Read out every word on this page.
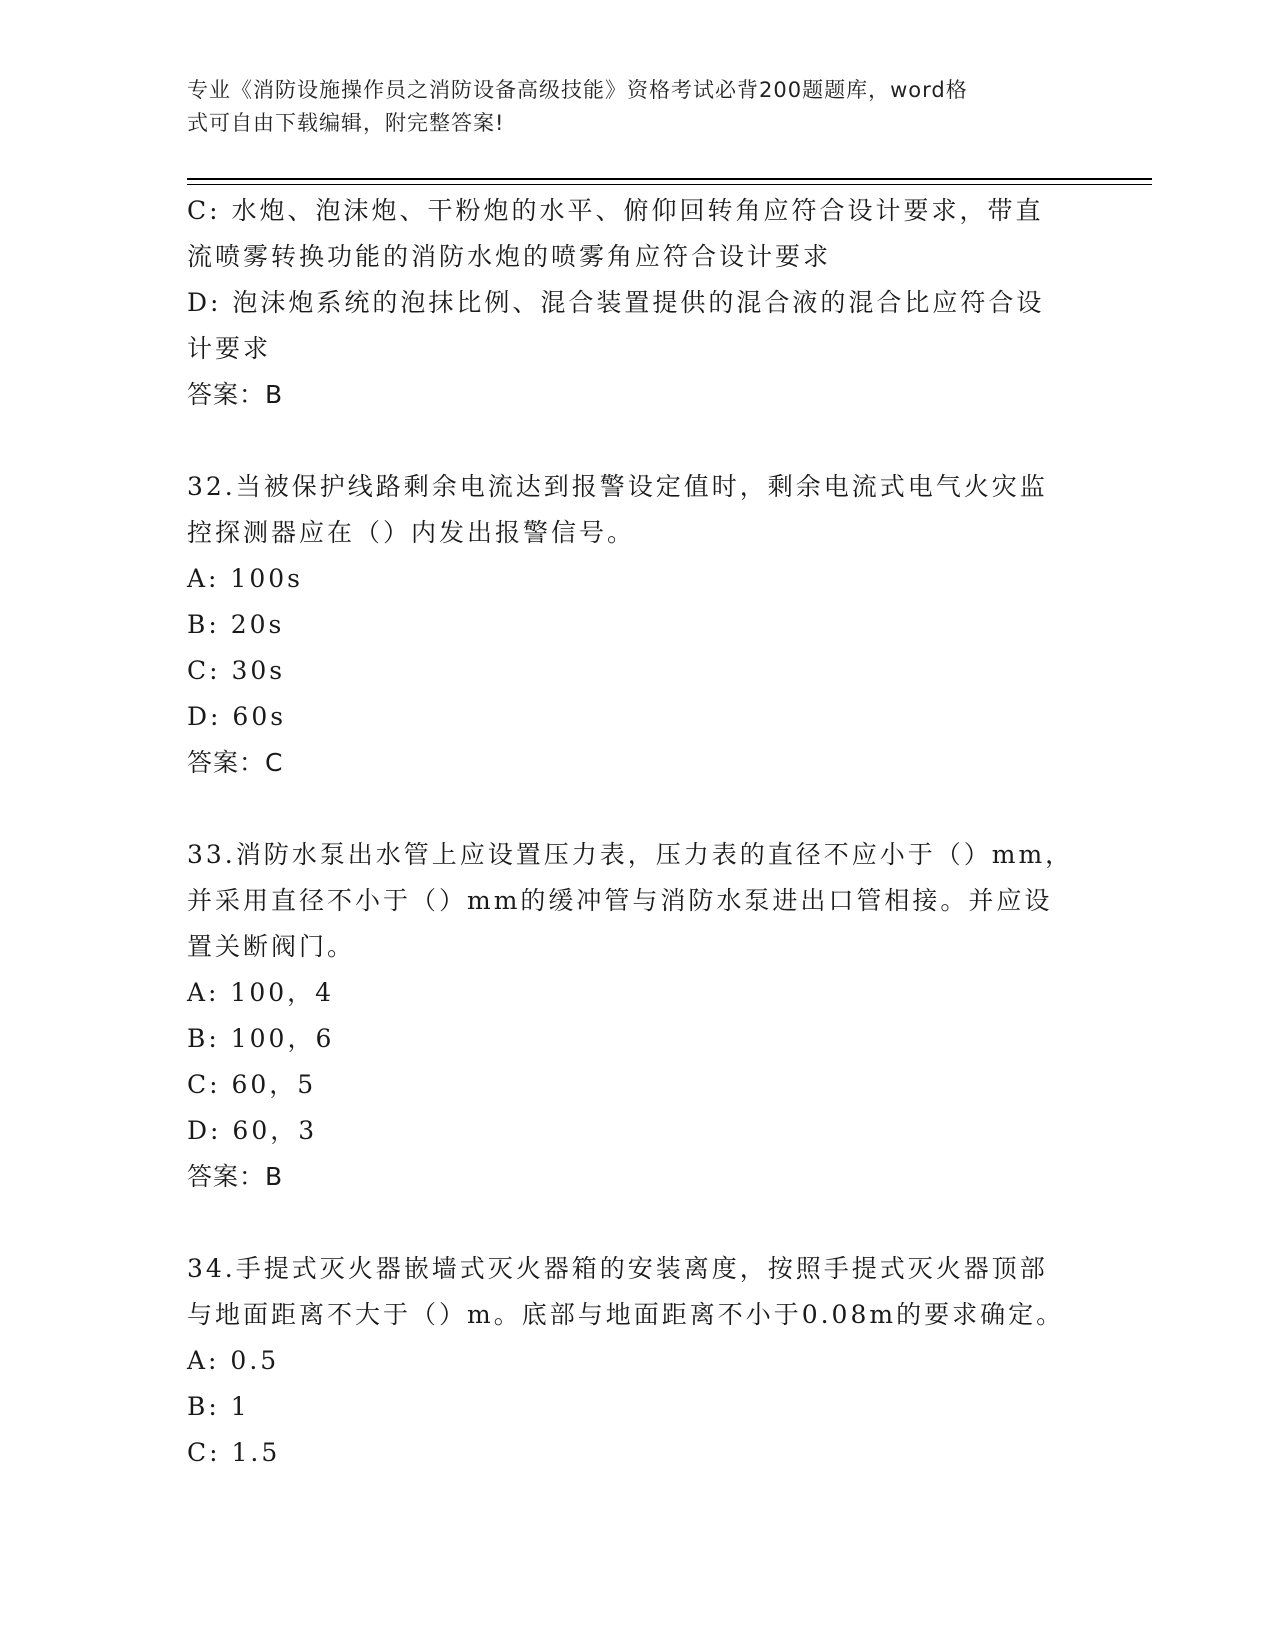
专业《消防设施操作员之消防设备高级技能》资格考试必背200题题库，word格
式可自由下载编辑，附完整答案!
C: 水炮、泡沫炮、干粉炮的水平、俯仰回转角应符合设计要求，带直
流喷雾转换功能的消防水炮的喷雾角应符合设计要求
D: 泡沫炮系统的泡抹比例、混合装置提供的混合液的混合比应符合设
计要求
答案：B
32.当被保护线路剩余电流达到报警设定值时，剩余电流式电气火灾监
控探测器应在（）内发出报警信号。
A: 100s
B: 20s
C: 30s
D: 60s
答案：C
33.消防水泵出水管上应设置压力表，压力表的直径不应小于（）mm，
并采用直径不小于（）mm的缓冲管与消防水泵进出口管相接。并应设
置关断阀门。
A: 100，4
B: 100，6
C: 60，5
D: 60，3
答案：B
34.手提式灭火器嵌墙式灭火器箱的安装离度，按照手提式灭火器顶部
与地面距离不大于（）m。底部与地面距离不小于0.08m的要求确定。
A: 0.5
B: 1
C: 1.5
